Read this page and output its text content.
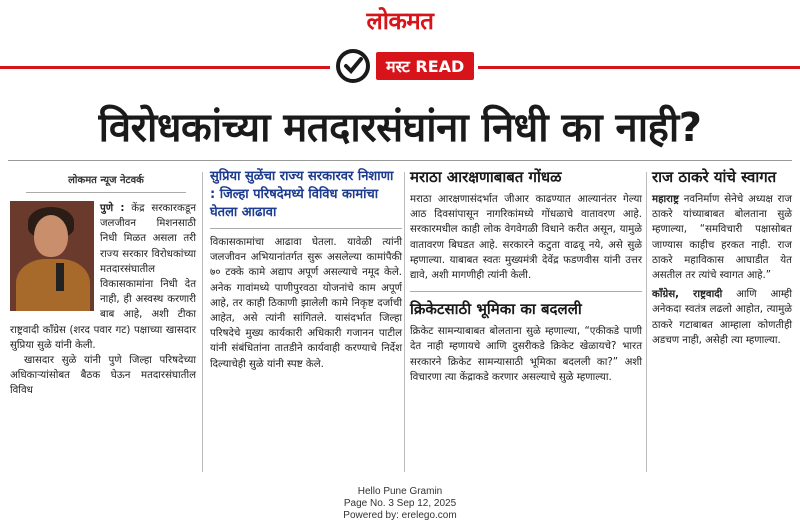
लोकमत
मस्ट READ
विरोधकांच्या मतदारसंघांना निधी का नाही?
लोकमत न्यूज नेटवर्क
पुणे : केंद्र सरकारकडून जलजीवन मिशनसाठी निधी मिळत असला तरी राज्य सरकार विरोधकांच्या मतदारसंघातील विकासकामांना निधी देत नाही, ही अस्वस्थ करणारी बाब आहे, अशी टीका राष्ट्रवादी काँग्रेस (शरद पवार गट) पक्षाच्या खासदार सुप्रिया सुळे यांनी केली.
खासदार सुळे यांनी पुणे जिल्हा परिषदेच्या अधिकाऱ्यांसोबत बैठक घेऊन मतदारसंघातील विविध
सुप्रिया सुळेंचा राज्य सरकारवर निशाणा : जिल्हा परिषदेमध्ये विविध कामांचा घेतला आढावा
विकासकामांचा आढावा घेतला. यावेळी त्यांनी जलजीवन अभियानांतर्गत सुरू असलेल्या कामांपैकी ७० टक्के कामे अद्याप अपूर्ण असल्याचे नमूद केले. अनेक गावांमध्ये पाणीपुरवठा योजनांचे काम अपूर्ण आहे, तर काही ठिकाणी झालेली कामे निकृष्ट दर्जाची आहेत, असे त्यांनी सांगितले. यासंदर्भात जिल्हा परिषदेचे मुख्य कार्यकारी अधिकारी गजानन पाटील यांनी संबंधितांना तातडीने कार्यवाही करण्याचे निर्देश दिल्याचेही सुळे यांनी स्पष्ट केले.
मराठा आरक्षणाबाबत गोंधळ
मराठा आरक्षणासंदर्भात जीआर काढण्यात आल्यानंतर गेल्या आठ दिवसांपासून नागरिकांमध्ये गोंधळाचे वातावरण आहे. सरकारमधील काही लोक वेगवेगळी विधाने करीत असून, यामुळे वातावरण बिघडत आहे. सरकारने कटुता वाढवू नये, असे सुळे म्हणाल्या. याबाबत स्वतः मुख्यमंत्री देवेंद्र फडणवीस यांनी उत्तर द्यावे, अशी मागणीही त्यांनी केली.
क्रिकेटसाठी भूमिका का बदलली
क्रिकेट सामन्याबाबत बोलताना सुळे म्हणाल्या, “एकीकडे पाणी देत नाही म्हणायचे आणि दुसरीकडे क्रिकेट खेळायचे? भारत सरकारने क्रिकेट सामन्यासाठी भूमिका बदलली का?” अशी विचारणा त्या केंद्राकडे करणार असल्याचे सुळे म्हणाल्या.
राज ठाकरे यांचे स्वागत
महाराष्ट्र नवनिर्माण सेनेचे अध्यक्ष राज ठाकरे यांच्याबाबत बोलताना सुळे म्हणाल्या, “समविचारी पक्षासोबत जाण्यास काहीच हरकत नाही. राज ठाकरे महाविकास आघाडीत येत असतील तर त्यांचे स्वागत आहे.”
काँग्रेस, राष्ट्रवादी आणि आम्ही अनेकदा स्वतंत्र लढलो आहोत, त्यामुळे ठाकरे गटाबाबत आम्हाला कोणतीही अडचण नाही, असेही त्या म्हणाल्या.
Hello Pune Gramin
Page No. 3 Sep 12, 2025
Powered by: erelego.com
